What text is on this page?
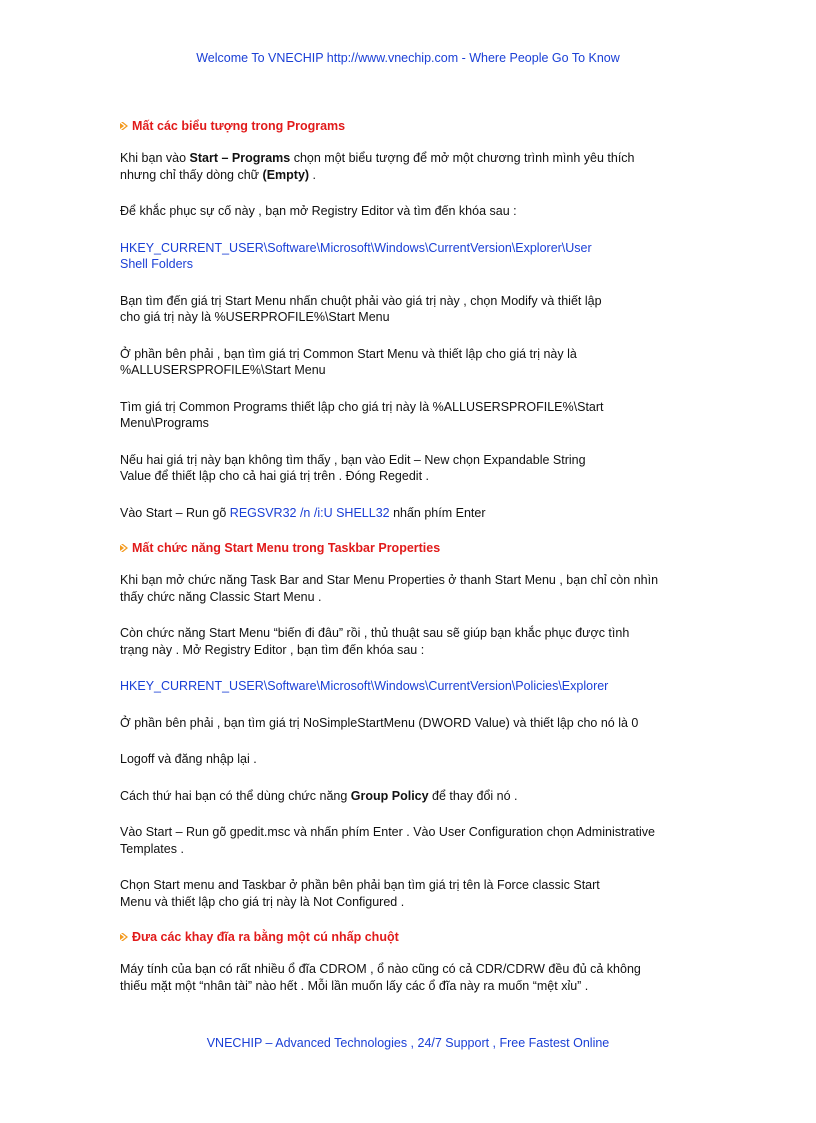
Welcome To VNECHIP http://www.vnechip.com - Where People Go To Know
Mất các biểu tượng trong Programs

Khi bạn vào Start – Programs chọn một biểu tượng để mở một chương trình mình yêu thích
nhưng chỉ thấy dòng chữ (Empty) .

Để khắc phục sự cố này , bạn mở Registry Editor và tìm đến khóa sau :

HKEY_CURRENT_USER\Software\Microsoft\Windows\CurrentVersion\Explorer\User
Shell Folders

Bạn tìm đến giá trị Start Menu nhấn chuột phải vào giá trị này , chọn Modify và thiết lập
cho giá trị này là %USERPROFILE%\Start Menu

Ở phần bên phải , bạn tìm giá trị Common Start Menu và thiết lập cho giá trị này là
%ALLUSERSPROFILE%\Start Menu

Tìm giá trị Common Programs thiết lập cho giá trị này là %ALLUSERSPROFILE%\Start
Menu\Programs

Nếu hai giá trị này bạn không tìm thấy , bạn vào Edit – New chọn Expandable String
Value để thiết lập cho cả hai giá trị trên . Đóng Regedit .

Vào Start – Run gõ REGSVR32 /n /i:U SHELL32 nhấn phím Enter

Mất chức năng Start Menu trong Taskbar Properties

Khi bạn mở chức năng Task Bar and Star Menu Properties ở thanh Start Menu , bạn chỉ còn nhìn
thấy chức năng Classic Start Menu .

Còn chức năng Start Menu “biến đi đâu” rồi , thủ thuật sau sẽ giúp bạn khắc phục được tình
trạng này . Mở Registry Editor , bạn tìm đến khóa sau :

HKEY_CURRENT_USER\Software\Microsoft\Windows\CurrentVersion\Policies\Explorer

Ở phần bên phải , bạn tìm giá trị NoSimpleStartMenu (DWORD Value) và thiết lập cho nó là 0

Logoff và đăng nhập lại .

Cách thứ hai bạn có thể dùng chức năng Group Policy để thay đổi nó .

Vào Start – Run gõ gpedit.msc và nhấn phím Enter . Vào User Configuration chọn Administrative
Templates .

Chọn Start menu and Taskbar ở phần bên phải bạn tìm giá trị tên là Force classic Start
Menu và thiết lập cho giá trị này là Not Configured .

Đưa các khay đĩa ra bằng một cú nhấp chuột

Máy tính của bạn có rất nhiều ổ đĩa CDROM , ổ nào cũng có cả CDR/CDRW đều đủ cả không
thiếu mặt một “nhân tài” nào hết . Mỗi lần muốn lấy các ổ đĩa này ra muốn “mệt xỉu” .

VNECHIP – Advanced Technologies , 24/7 Support , Free Fastest Online
